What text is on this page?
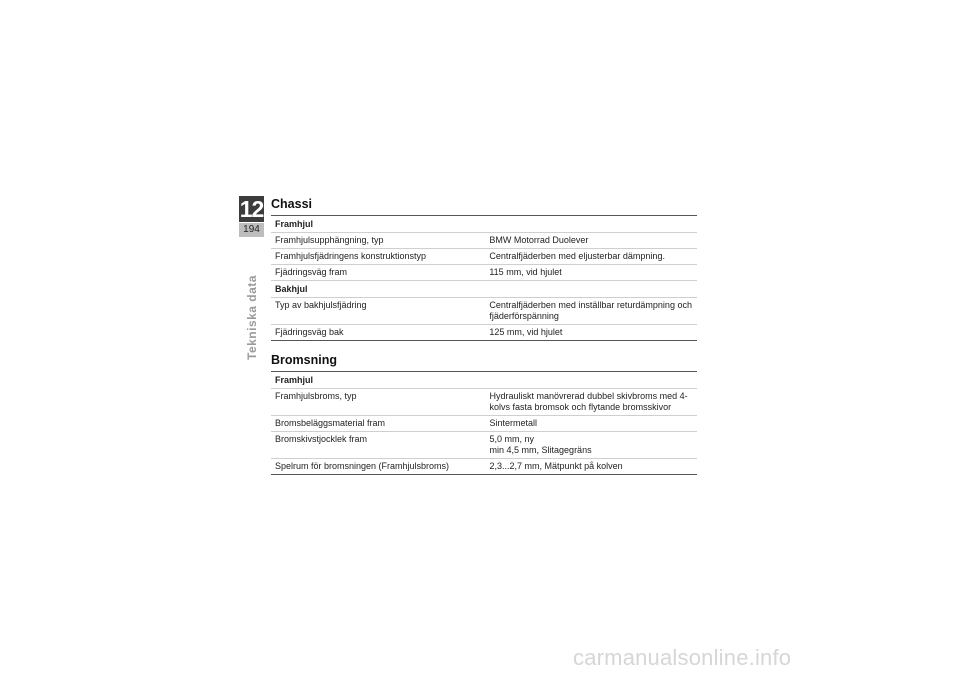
12
194
Tekniska data
Chassi
Framhjul	
Framhjulsupphängning, typ	BMW Motorrad Duolever

Framhjulsfjädringens konstruktionstyp	Centralfjäderben med eljusterbar dämpning.

Fjädringsväg fram	115 mm, vid hjulet

Bakhjul	
Typ av bakhjulsfjädring	Centralfjäderben med inställbar returdämpning och
fjäderförspänning

Fjädringsväg bak	125 mm, vid hjulet
Bromsning
Framhjul	
Framhjulsbroms, typ	Hydrauliskt manövrerad dubbel skivbroms med 4-
kolvs fasta bromsok och flytande bromsskivor

Bromsbeläggsmaterial fram	Sintermetall

Bromskivstjocklek fram	5,0 mm, ny
min 4,5 mm, Slitagegräns

Spelrum för bromsningen (Framhjulsbroms)	2,3...2,7 mm, Mätpunkt på kolven
carmanualsonline.info
